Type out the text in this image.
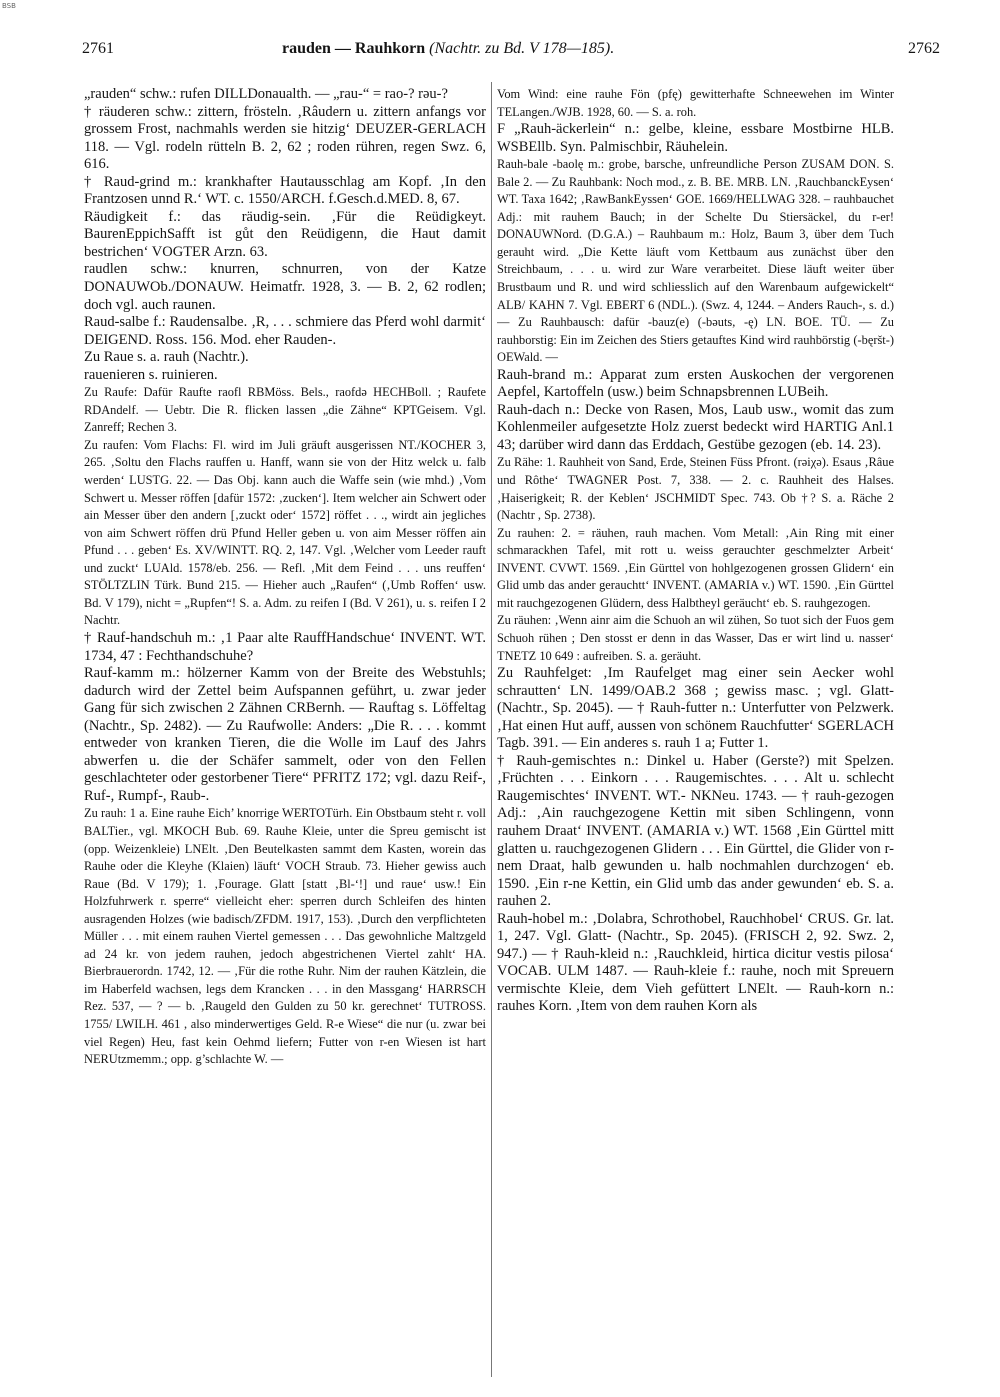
BSB
2761	rauden — Rauhkorn (Nachtr. zu Bd. V 178—185).	2762

„rauden“ schw.: rufen DILLDonaualth. — „rau-“ = rao-? rəu-?

† räuderen schw.: zittern, frösteln. ‚Râudern u. zittern anfangs vor grossem Frost, nachmahls werden sie hitzig‘ DEUZER-GERLACH 118. — Vgl. rodeln rütteln B. 2, 62 ; roden rühren, regen Swz. 6, 616.

† Raud-grind m.: krankhafter Hautausschlag am Kopf. ‚In den Frantzosen unnd R.‘ WT. c. 1550/ARCH. f.Gesch.d.MED. 8, 67.

Räudigkeit f.: das räudig-sein. ‚Für die Reüdigkeyt. BaurenEppichSafft ist gůt den Reüdigenn, die Haut damit bestrichen‘ VOGTER Arzn. 63.

raudlen schw.: knurren, schnurren, von der Katze DONAUWOb./DONAUW. Heimatfr. 1928, 3. — B. 2, 62 rodlen; doch vgl. auch raunen.

Raud-salbe f.: Raudensalbe. ‚R, . . . schmiere das Pferd wohl darmit‘ DEIGEND. Ross. 156. Mod. eher Rauden-.

Zu Raue s. a. rauh (Nachtr.).

rauenieren s. ruinieren.

Zu Raufe: Dafür Raufte raofl RBMöss. Bels., raofdə HECHBoll. ; Raufete RDAndelf. — Uebtr. Die R. flicken lassen „die Zähne“ KPTGeisem. Vgl. Zanreff; Rechen 3.

Zu raufen: Vom Flachs: Fl. wird im Juli gräuft ausgerissen NT./KOCHER 3, 265. ‚Soltu den Flachs rauffen u. Hanff, wann sie von der Hitz welck u. falb werden‘ LUSTG. 22. — Das Obj. kann auch die Waffe sein (wie mhd.) ‚Vom Schwert u. Messer röffen [dafür 1572: ‚zucken‘]. Item welcher ain Schwert oder ain Messer über den andern [‚zuckt oder‘ 1572] röffet . . ., wirdt ain jegliches von aim Schwert röffen drü Pfund Heller geben u. von aim Messer röffen ain Pfund . . . geben‘ Es. XV/WINTT. RQ. 2, 147. Vgl. ‚Welcher vom Leeder rauft und zuckt‘ LUAld. 1578/eb. 256. — Refl. ‚Mit dem Feind . . . uns reuffen‘ STÖLTZLIN Türk. Bund 215. — Hieher auch „Raufen“ (‚Umb Roffen‘ usw. Bd. V 179), nicht = „Rupfen“! S. a. Adm. zu reifen I (Bd. V 261), u. s. reifen I 2 Nachtr.

† Rauf-handschuh m.: ‚1 Paar alte RauffHandschue‘ INVENT. WT. 1734, 47 : Fechthandschuhe?

Rauf-kamm m.: hölzerner Kamm von der Breite des Webstuhls; dadurch wird der Zettel beim Aufspannen geführt, u. zwar jeder Gang für sich zwischen 2 Zähnen CRBernh. — Rauftag s. Löffeltag (Nachtr., Sp. 2482). — Zu Raufwolle: Anders: „Die R. . . . kommt entweder von kranken Tieren, die die Wolle im Lauf des Jahrs abwerfen u. die der Schäfer sammelt, oder von den Fellen geschlachteter oder gestorbener Tiere“ PFRITZ 172; vgl. dazu Reif-, Ruf-, Rumpf-, Raub-.

Zu rauh: 1 a. Eine rauhe Eich’ knorrige WERTOTürh. Ein Obstbaum steht r. voll BALTier., vgl. MKOCH Bub. 69. Rauhe Kleie, unter die Spreu gemischt ist (opp. Weizenkleie) LNElt. ‚Den Beutelkasten sammt dem Kasten, worein das Rauhe oder die Kleyhe (Klaien) läuft‘ VOCH Straub. 73. Hieher gewiss auch Raue (Bd. V 179); 1. ‚Fourage. Glatt [statt ‚Bl-‘!] und raue‘ usw.! Ein Holzfuhrwerk r. sperre“ vielleicht eher: sperren durch Schleifen des hinten ausragenden Holzes (wie badisch/ZFDM. 1917, 153). ‚Durch den verpflichteten Müller . . . mit einem rauhen Viertel gemessen . . . Das gewohnliche Maltzgeld ad 24 kr. von jedem rauhen, jedoch abgestrichenen Viertel zahlt‘ HA. Bierbrauerordn. 1742, 12. — ‚Für die rothe Ruhr. Nim der rauhen Kätzlein, die im Haberfeld wachsen, legs dem Krancken . . . in den Massgang‘ HARRSCH Rez. 537, — ? — b. ‚Raugeld den Gulden zu 50 kr. gerechnet‘ TUTROSS. 1755/ LWILH. 461 , also minderwertiges Geld. R-e Wiese“ die nur (u. zwar bei viel Regen) Heu, fast kein Oehmd liefern; Futter von r-en Wiesen ist hart NERUtzmemm.; opp. g’schlachte W. —

Vom Wind: eine rauhe Fön (pfę) gewitterhafte Schneewehen im Winter TELangen./WJB. 1928, 60. — S. a. roh.

F „Rauh-äckerlein“ n.: gelbe, kleine, essbare Mostbirne HLB. WSBEllb. Syn. Palmischbir, Räuhelein.

Rauh-bale -baolę m.: grobe, barsche, unfreundliche Person ZUSAM DON. S. Bale 2. — Zu Rauhbank: Noch mod., z. B. BE. MRB. LN. ‚RauchbanckEysen‘ WT. Taxa 1642; ‚RawBankEyssen‘ GOE. 1669/HELLWAG 328. – rauhbauchet Adj.: mit rauhem Bauch; in der Schelte Du Stiersäckel, du r-er! DONAUWNord. (D.G.A.) – Rauhbaum m.: Holz, Baum 3, über dem Tuch gerauht wird. „Die Kette läuft vom Kettbaum aus zunächst über den Streichbaum, . . . u. wird zur Ware verarbeitet. Diese läuft weiter über Brustbaum und R. und wird schliesslich auf den Warenbaum aufgewickelt“ ALB/ KAHN 7. Vgl. EBERT 6 (NDL.). (Swz. 4, 1244. – Anders Rauch-, s. d.) — Zu Rauhbausch: dafür -bauz(e) (-bǝuts, -ę) LN. BOE. TÜ. — Zu rauhborstig: Ein im Zeichen des Stiers getauftes Kind wird rauhbörstig (-bęršt-) OEWald. —

Rauh-brand m.: Apparat zum ersten Auskochen der vergorenen Aepfel, Kartoffeln (usw.) beim Schnapsbrennen LUBeih.

Rauh-dach n.: Decke von Rasen, Mos, Laub usw., womit das zum Kohlenmeiler aufgesetzte Holz zuerst bedeckt wird HARTIG Anl.1 43; darüber wird dann das Erddach, Gestübe gezogen (eb. 14. 23).

Zu Rähe: 1. Rauhheit von Sand, Erde, Steinen Füss Pfront. (rəiχə). Esaus ‚Râue und Rôthe‘ TWAGNER Post. 7, 338. — 2. c. Rauhheit des Halses. ‚Haiserigkeit; R. der Keblen‘ JSCHMIDT Spec. 743. Ob †? S. a. Räche 2 (Nachtr , Sp. 2738).

Zu rauhen: 2. = räuhen, rauh machen. Vom Metall: ‚Ain Ring mit einer schmarackhen Tafel, mit rott u. weiss gerauchter geschmelzter Arbeit‘ INVENT. CVWT. 1569. ‚Ein Gürttel von hohlgezogenen grossen Glidern‘ ein Glid umb das ander gerauchtt‘ INVENT. (AMARIA v.) WT. 1590. ‚Ein Gürttel mit rauchgezogenen Glüdern, dess Halbtheyl geräucht‘ eb. S. rauhgezogen.

Zu räuhen: ‚Wenn ainr aim die Schuoh an wil zühen, So tuot sich der Fuos gem Schuoh rühen ; Den stosst er denn in das Wasser, Das er wirt lind u. nasser‘ TNETZ 10 649 : aufreiben. S. a. geräuht.

Zu Rauhfelget: ‚Im Raufelget mag einer sein Aecker wohl schrautten‘ LN. 1499/OAB.2 368 ; gewiss masc. ; vgl. Glatt- (Nachtr., Sp. 2045). — † Rauh-futter n.: Unterfutter von Pelzwerk. ‚Hat einen Hut auff, aussen von schönem Rauchfutter‘ SGERLACH Tagb. 391. — Ein anderes s. rauh 1 a; Futter 1.

† Rauh-gemischtes n.: Dinkel u. Haber (Gerste?) mit Spelzen. ‚Früchten . . . Einkorn . . . Raugemischtes. . . . Alt u. schlecht Raugemischtes‘ INVENT. WT.- NKNeu. 1743. — † rauh-gezogen Adj.: ‚Ain rauchgezogene Kettin mit siben Schlingenn, vonn rauhem Draat‘ INVENT. (AMARIA v.) WT. 1568 ‚Ein Gürttel mitt glatten u. rauchgezogenen Glidern . . . Ein Gürttel, die Glider von r-nem Draat, halb gewunden u. halb nochmahlen durchzogen‘ eb. 1590. ‚Ein r-ne Kettin, ein Glid umb das ander gewunden‘ eb. S. a. rauhen 2.

Rauh-hobel m.: ‚Dolabra, Schrothobel, Rauchhobel‘ CRUS. Gr. lat. 1, 247. Vgl. Glatt- (Nachtr., Sp. 2045). (FRISCH 2, 92. Swz. 2, 947.) — † Rauh-kleid n.: ‚Rauchkleid, hirtica dicitur vestis pilosa‘ VOCAB. ULM 1487. — Rauh-kleie f.: rauhe, noch mit Spreuern vermischte Kleie, dem Vieh gefüttert LNElt. — Rauh-korn n.: rauhes Korn. ‚Item von dem rauhen Korn als
